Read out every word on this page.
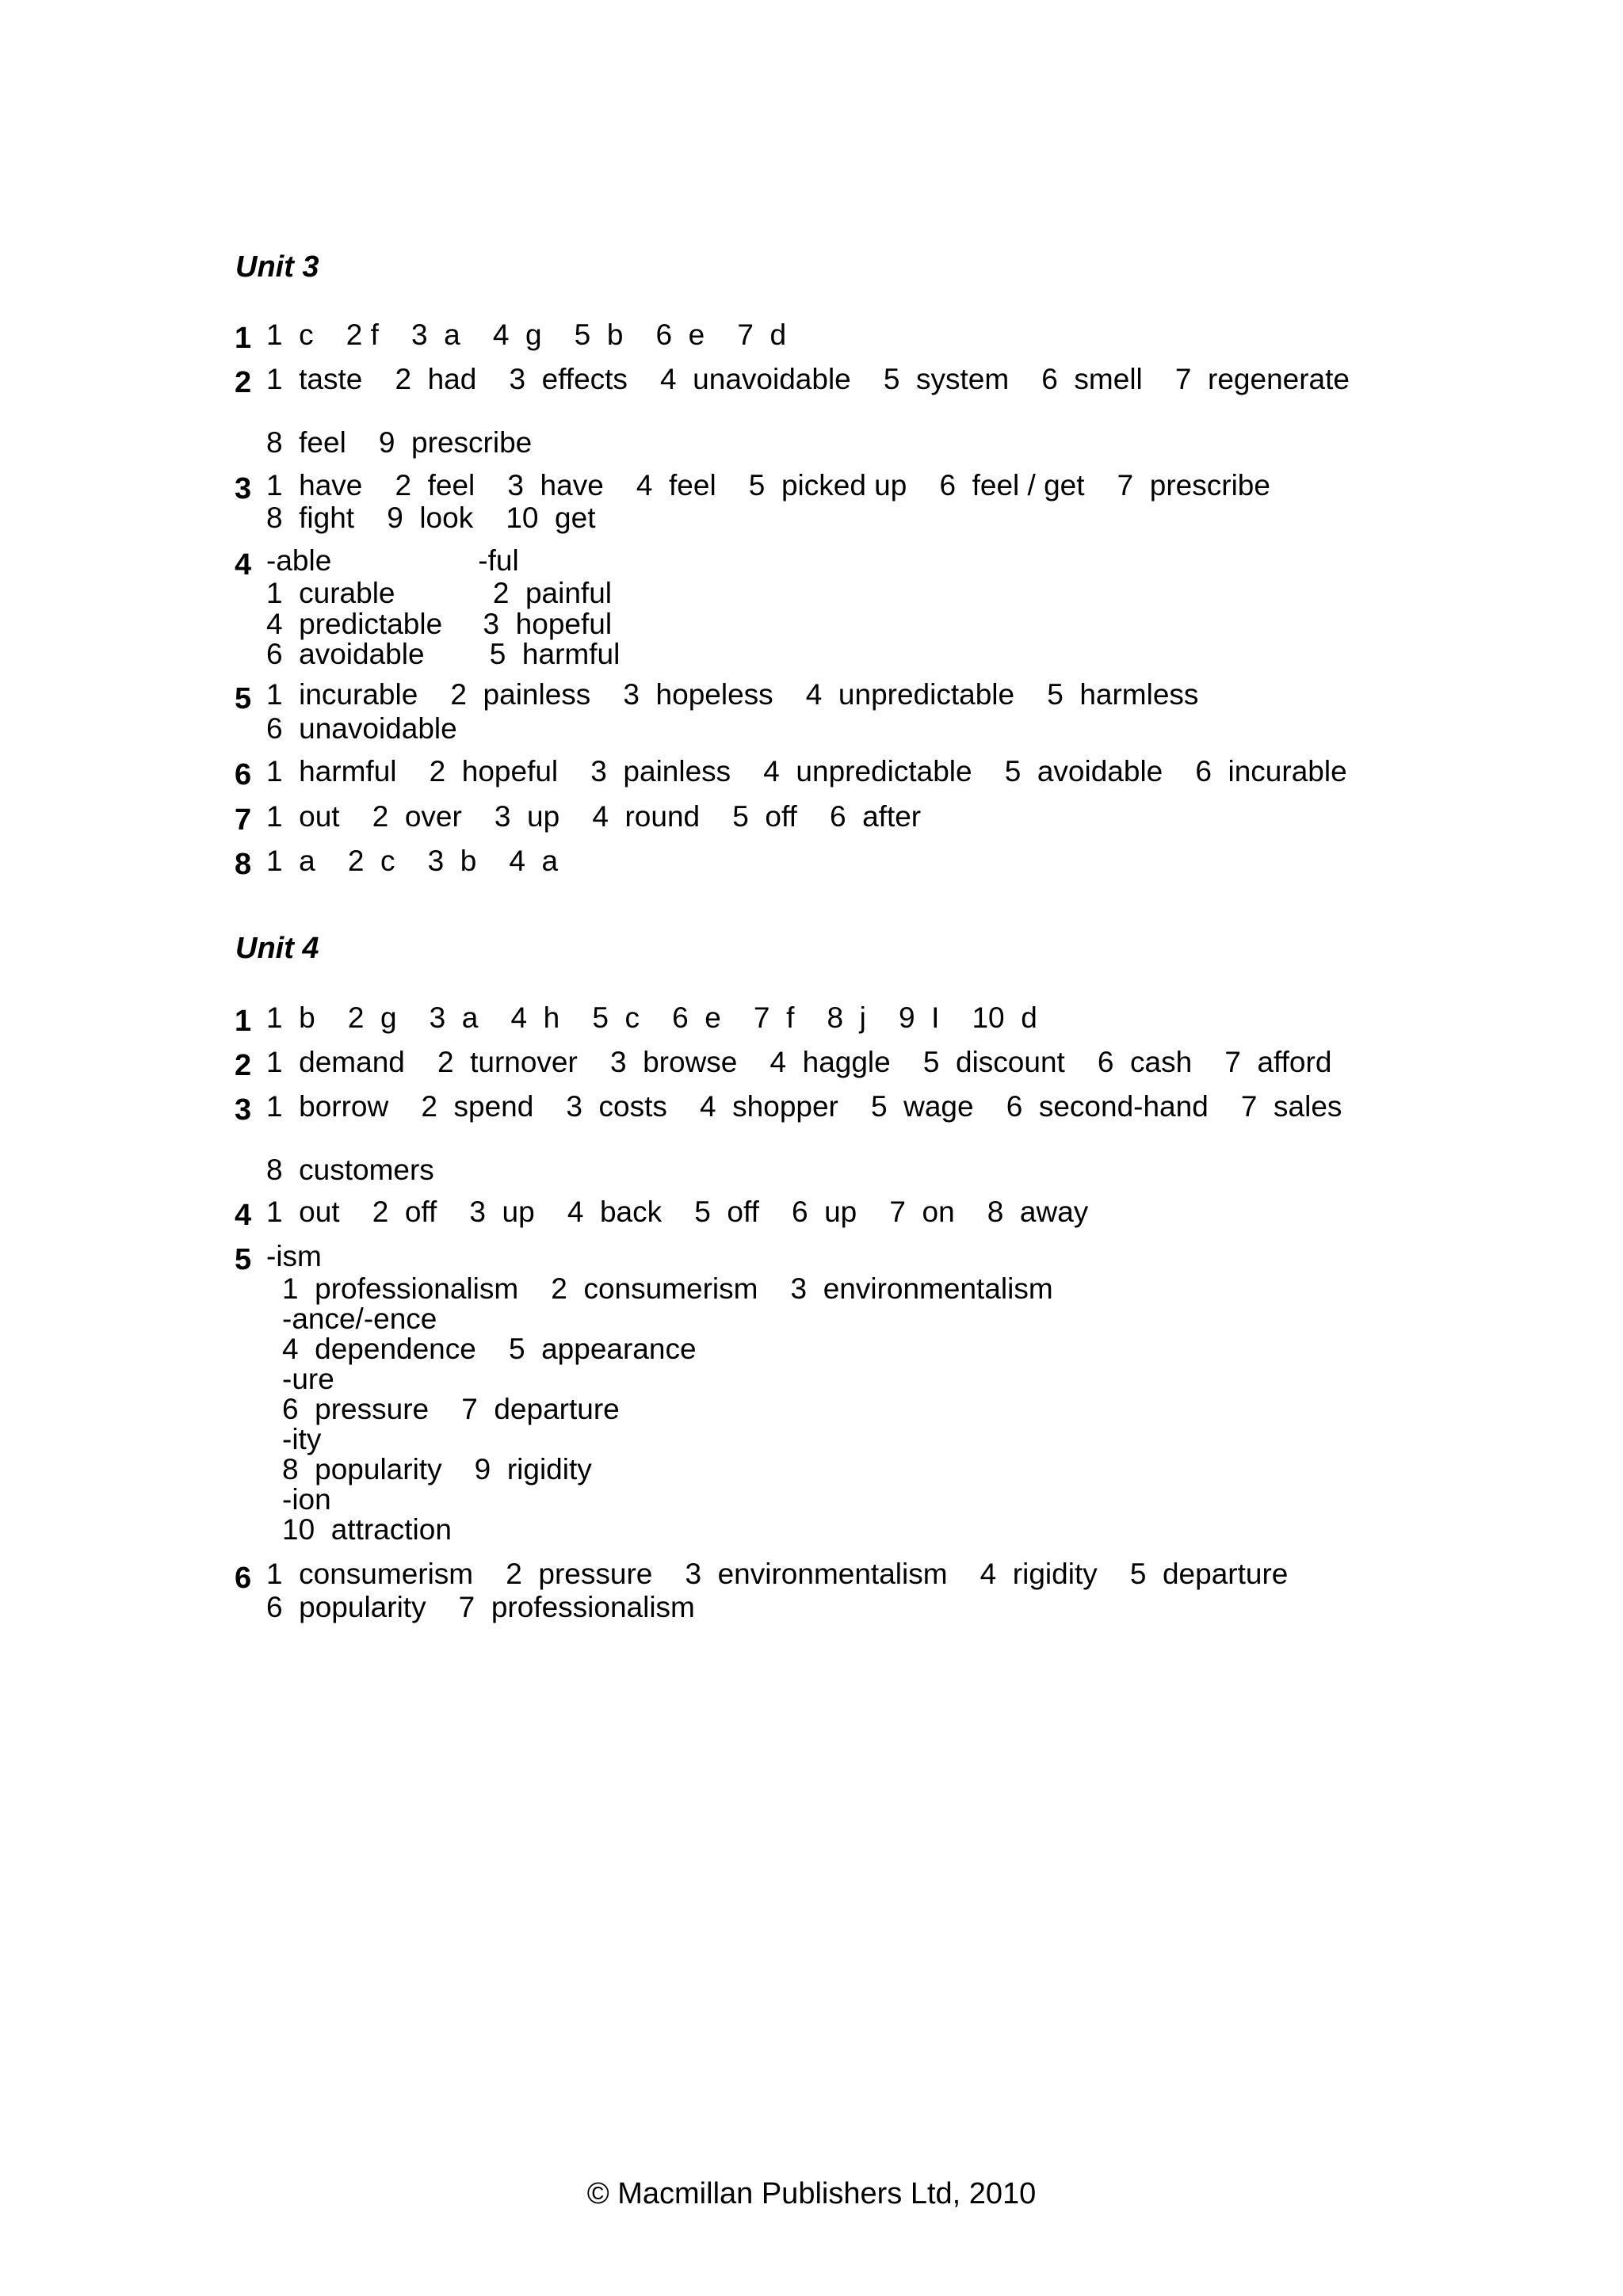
Unit 3
1 1  c    2 f    3  a    4  g    5  b    6  e    7  d
2 1  taste    2  had    3  effects    4  unavoidable    5  system    6  smell    7  regenerate
8  feel    9  prescribe
3 1  have    2  feel    3  have    4  feel    5  picked up    6  feel / get    7  prescribe
8  fight    9  look    10  get
4 -able                  -ful
1  curable            2  painful
4  predictable     3  hopeful
6  avoidable        5  harmful
5 1  incurable    2  painless    3  hopeless    4  unpredictable    5  harmless
6  unavoidable
6 1  harmful    2  hopeful    3  painless    4  unpredictable    5  avoidable    6  incurable
7 1  out    2  over    3  up    4  round    5  off    6  after
8 1  a    2  c    3  b    4  a
Unit 4
1 1  b    2  g    3  a    4  h    5  c    6  e    7  f    8  j    9  I    10  d
2 1  demand    2  turnover    3  browse    4  haggle    5  discount    6  cash    7  afford
3 1  borrow    2  spend    3  costs    4  shopper    5  wage    6  second-hand    7  sales
8  customers
4 1  out    2  off    3  up    4  back    5  off    6  up    7  on    8  away
5 -ism
1  professionalism    2  consumerism    3  environmentalism
-ance/-ence
4  dependence    5  appearance
-ure
6  pressure    7  departure
-ity
8  popularity    9  rigidity
-ion
10  attraction
6 1  consumerism    2  pressure    3  environmentalism    4  rigidity    5  departure
6  popularity    7  professionalism
© Macmillan Publishers Ltd, 2010
